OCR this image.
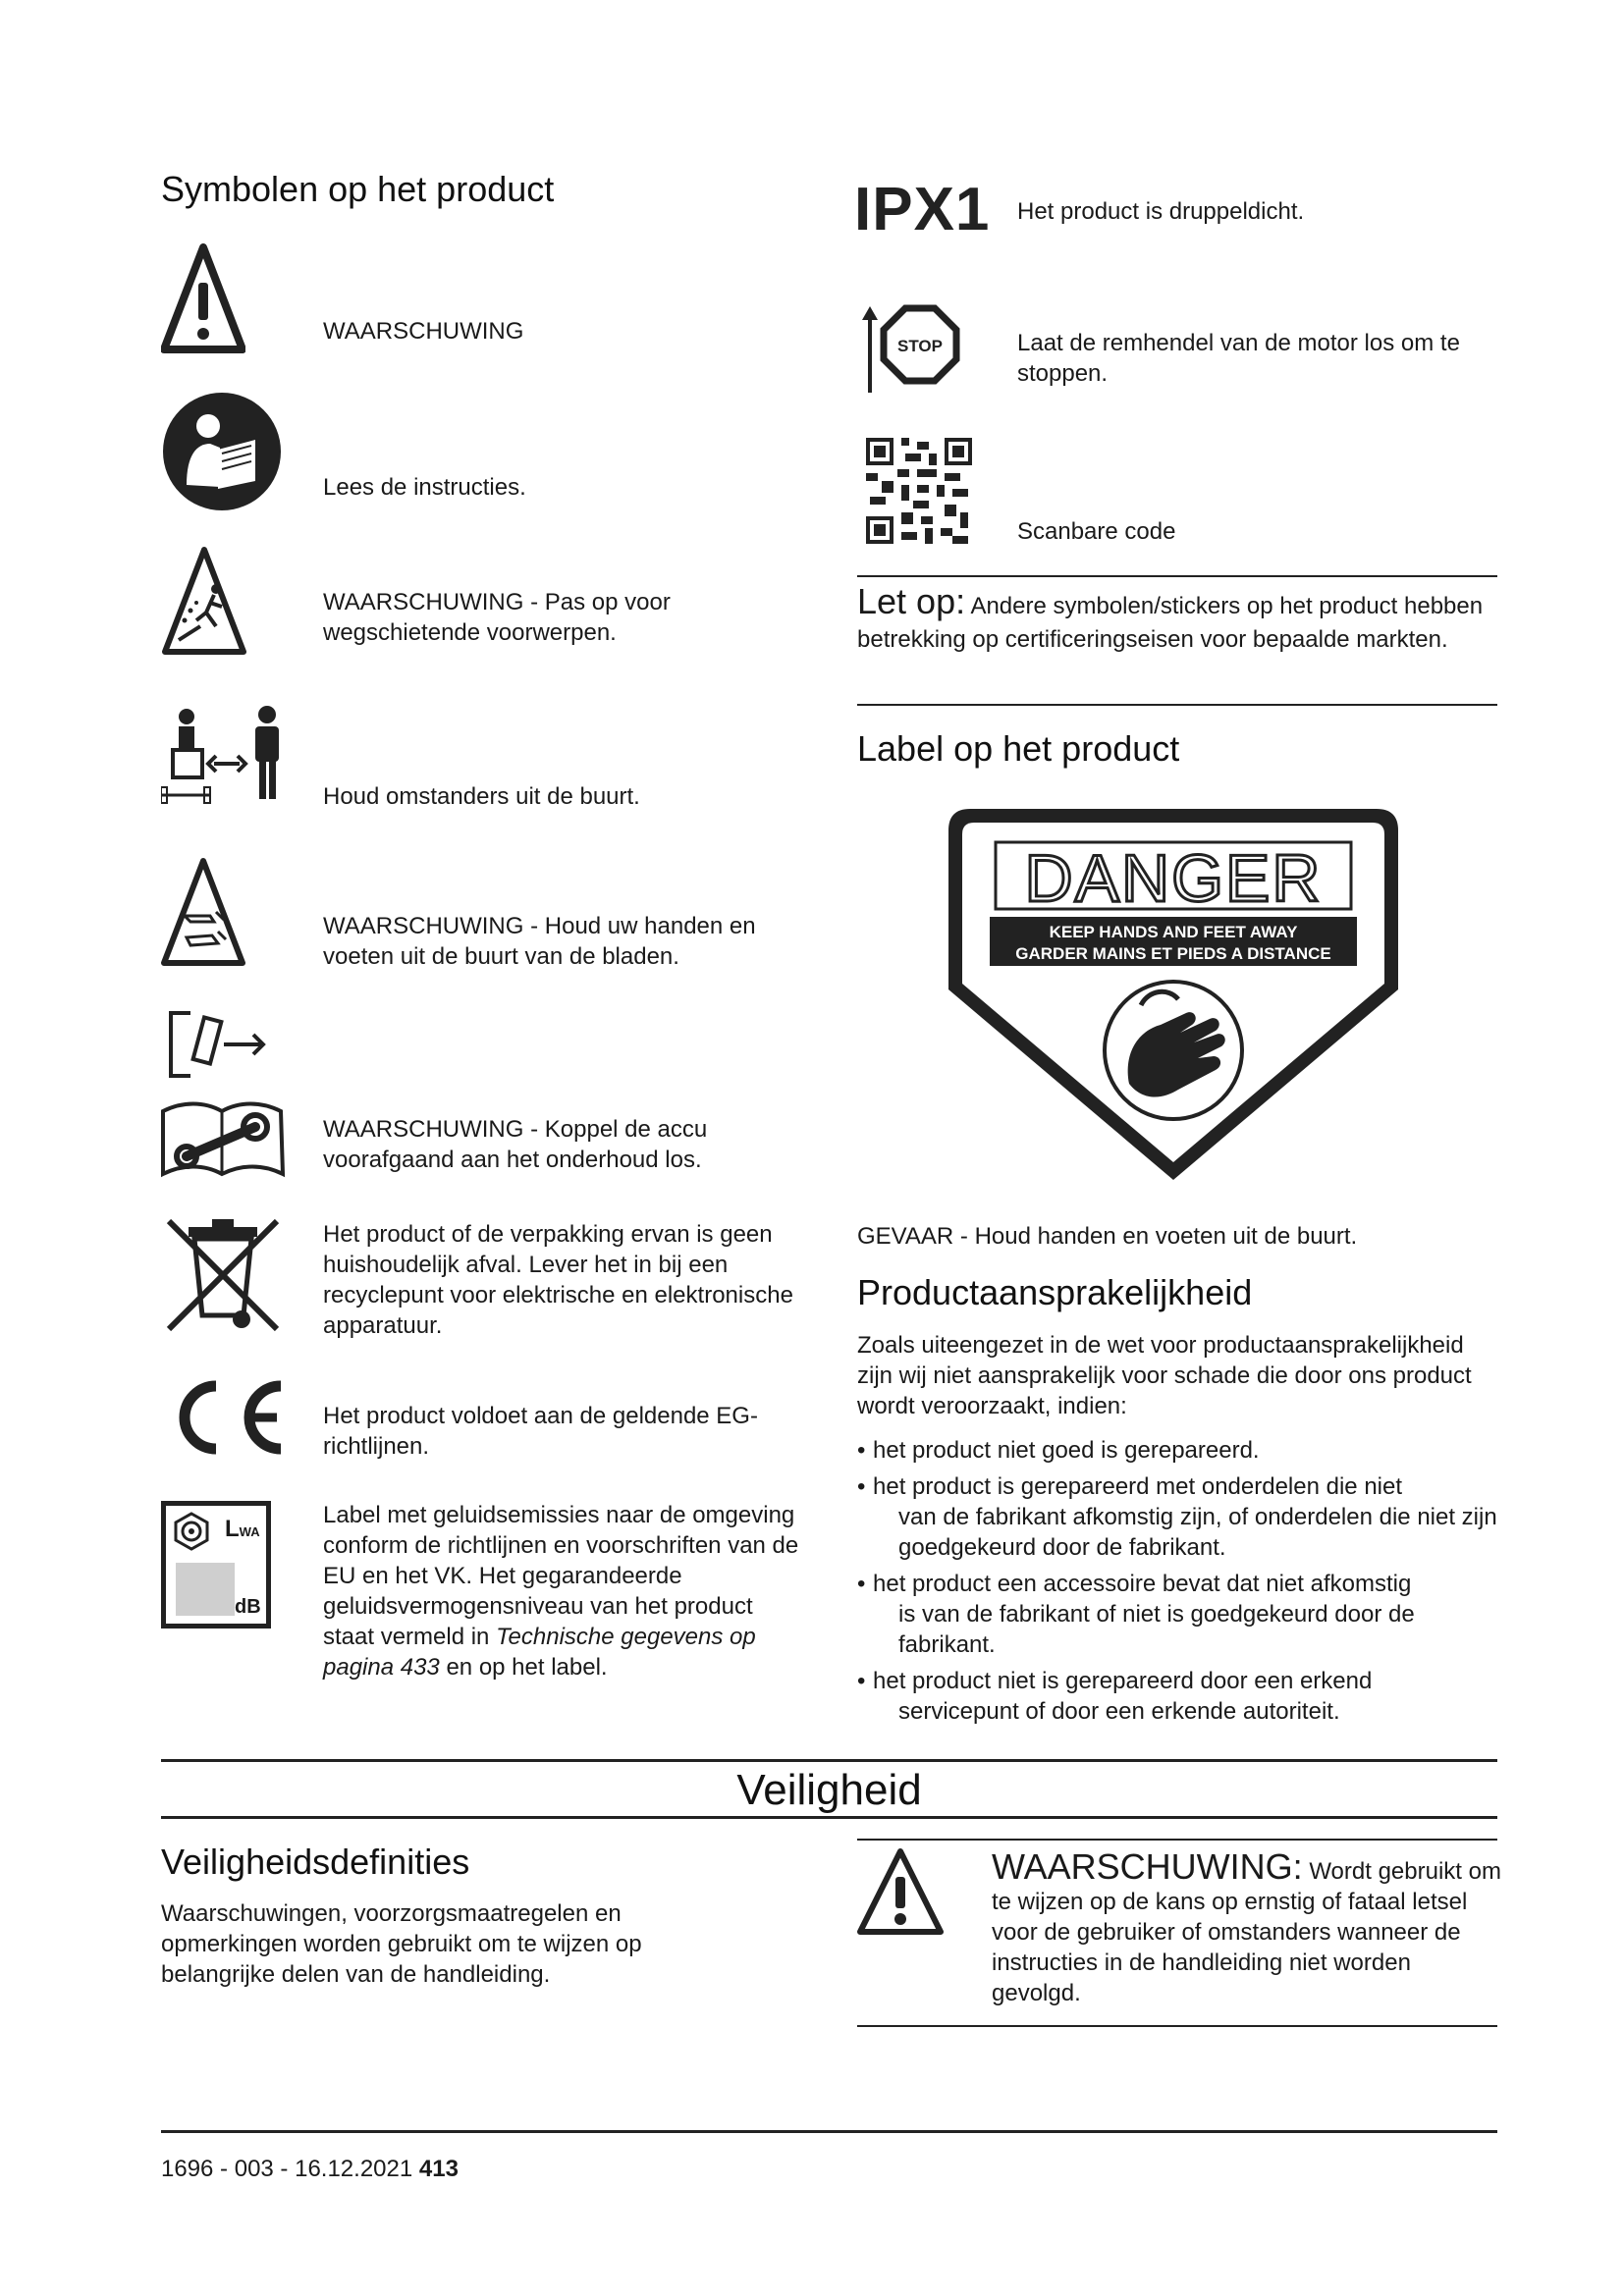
Symbolen op het product
WAARSCHUWING
Lees de instructies.
WAARSCHUWING - Pas op voor wegschietende voorwerpen.
Houd omstanders uit de buurt.
WAARSCHUWING - Houd uw handen en voeten uit de buurt van de bladen.
WAARSCHUWING - Koppel de accu voorafgaand aan het onderhoud los.
Het product of de verpakking ervan is geen huishoudelijk afval. Lever het in bij een recyclepunt voor elektrische en elektronische apparatuur.
Het product voldoet aan de geldende EG-richtlijnen.
LWA
dB
Label met geluidsemissies naar de omgeving conform de richtlijnen en voorschriften van de EU en het VK. Het gegarandeerde geluidsvermogensniveau van het product staat vermeld in Technische gegevens op pagina 433 en op het label.
IPX1 Het product is druppeldicht.
STOP	Laat de remhendel van de motor los om te stoppen.
Scanbare code
Let op: Andere symbolen/stickers op het product hebben betrekking op certificeringseisen voor bepaalde markten.
Label op het product
DANGER
KEEP HANDS AND FEET AWAY
GARDER MAINS ET PIEDS A DISTANCE
GEVAAR - Houd handen en voeten uit de buurt.
Productaansprakelijkheid
Zoals uiteengezet in de wet voor productaansprakelijkheid zijn wij niet aansprakelijk voor schade die door ons product wordt veroorzaakt, indien:
• het product niet goed is gerepareerd.
• het product is gerepareerd met onderdelen die niet
van de fabrikant afkomstig zijn, of onderdelen die niet zijn goedgekeurd door de fabrikant.
• het product een accessoire bevat dat niet afkomstig
is van de fabrikant of niet is goedgekeurd door de fabrikant.
• het product niet is gerepareerd door een erkend
servicepunt of door een erkende autoriteit.
Veiligheid
Veiligheidsdefinities
Waarschuwingen, voorzorgsmaatregelen en opmerkingen worden gebruikt om te wijzen op belangrijke delen van de handleiding.
WAARSCHUWING: Wordt gebruikt om te wijzen op de kans op ernstig of fataal letsel voor de gebruiker of omstanders wanneer de instructies in de handleiding niet worden gevolgd.
1696 - 003 - 16.12.2021 413
